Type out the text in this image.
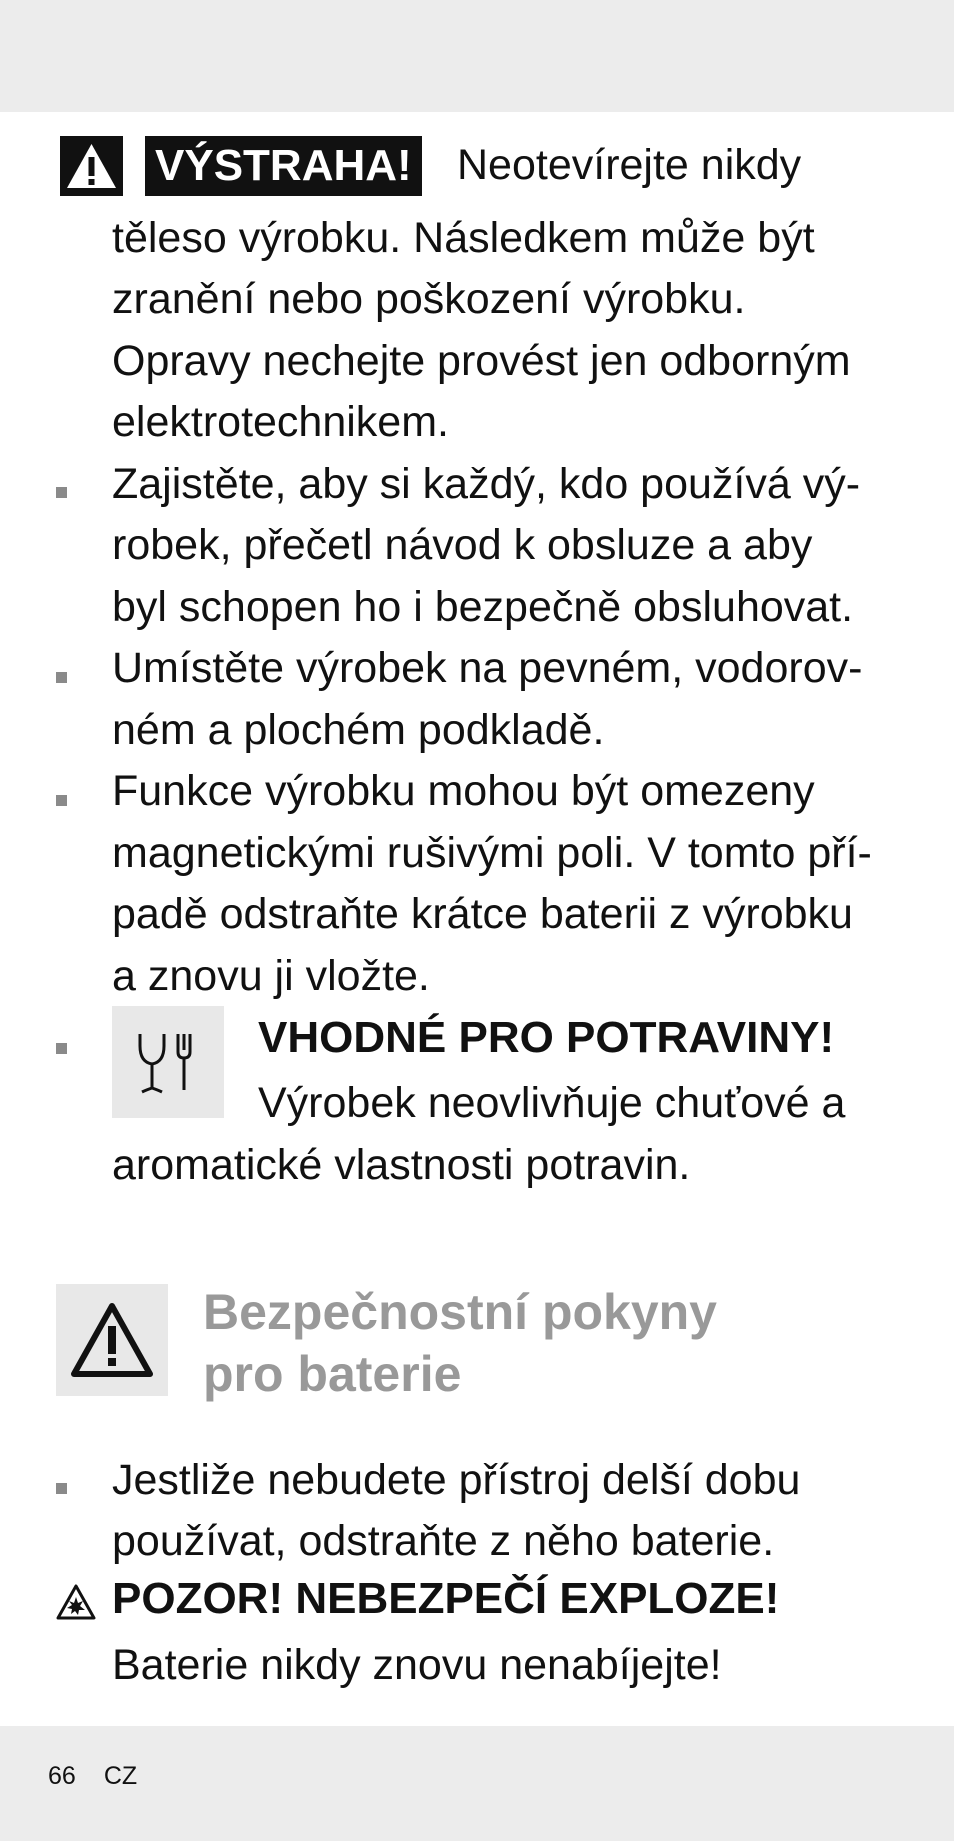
VÝSTRAHA! Neotevírejte nikdy

těleso výrobku. Následkem může být

zranění nebo poškození výrobku.

Opravy nechejte provést jen odborným

elektrotechnikem.

Zajistěte, aby si každý, kdo používá vý-

robek, přečetl návod k obsluze a aby

byl schopen ho i bezpečně obsluhovat.

Umístěte výrobek na pevném, vodorov-

ném a plochém podkladě.

Funkce výrobku mohou být omezeny

magnetickými rušivými poli. V tomto pří-

padě odstraňte krátce baterii z výrobku

a znovu ji vložte.

VHODNÉ PRO POTRAVINY!
Výrobek neovlivňuje chuťové a
aromatické vlastnosti potravin.
Bezpečnostní pokyny
pro baterie

Jestliže nebudete přístroj delší dobu

používat, odstraňte z něho baterie.

POZOR! NEBEZPEČÍ EXPLOZE!
Baterie nikdy znovu nenabíjejte!
66 CZ
